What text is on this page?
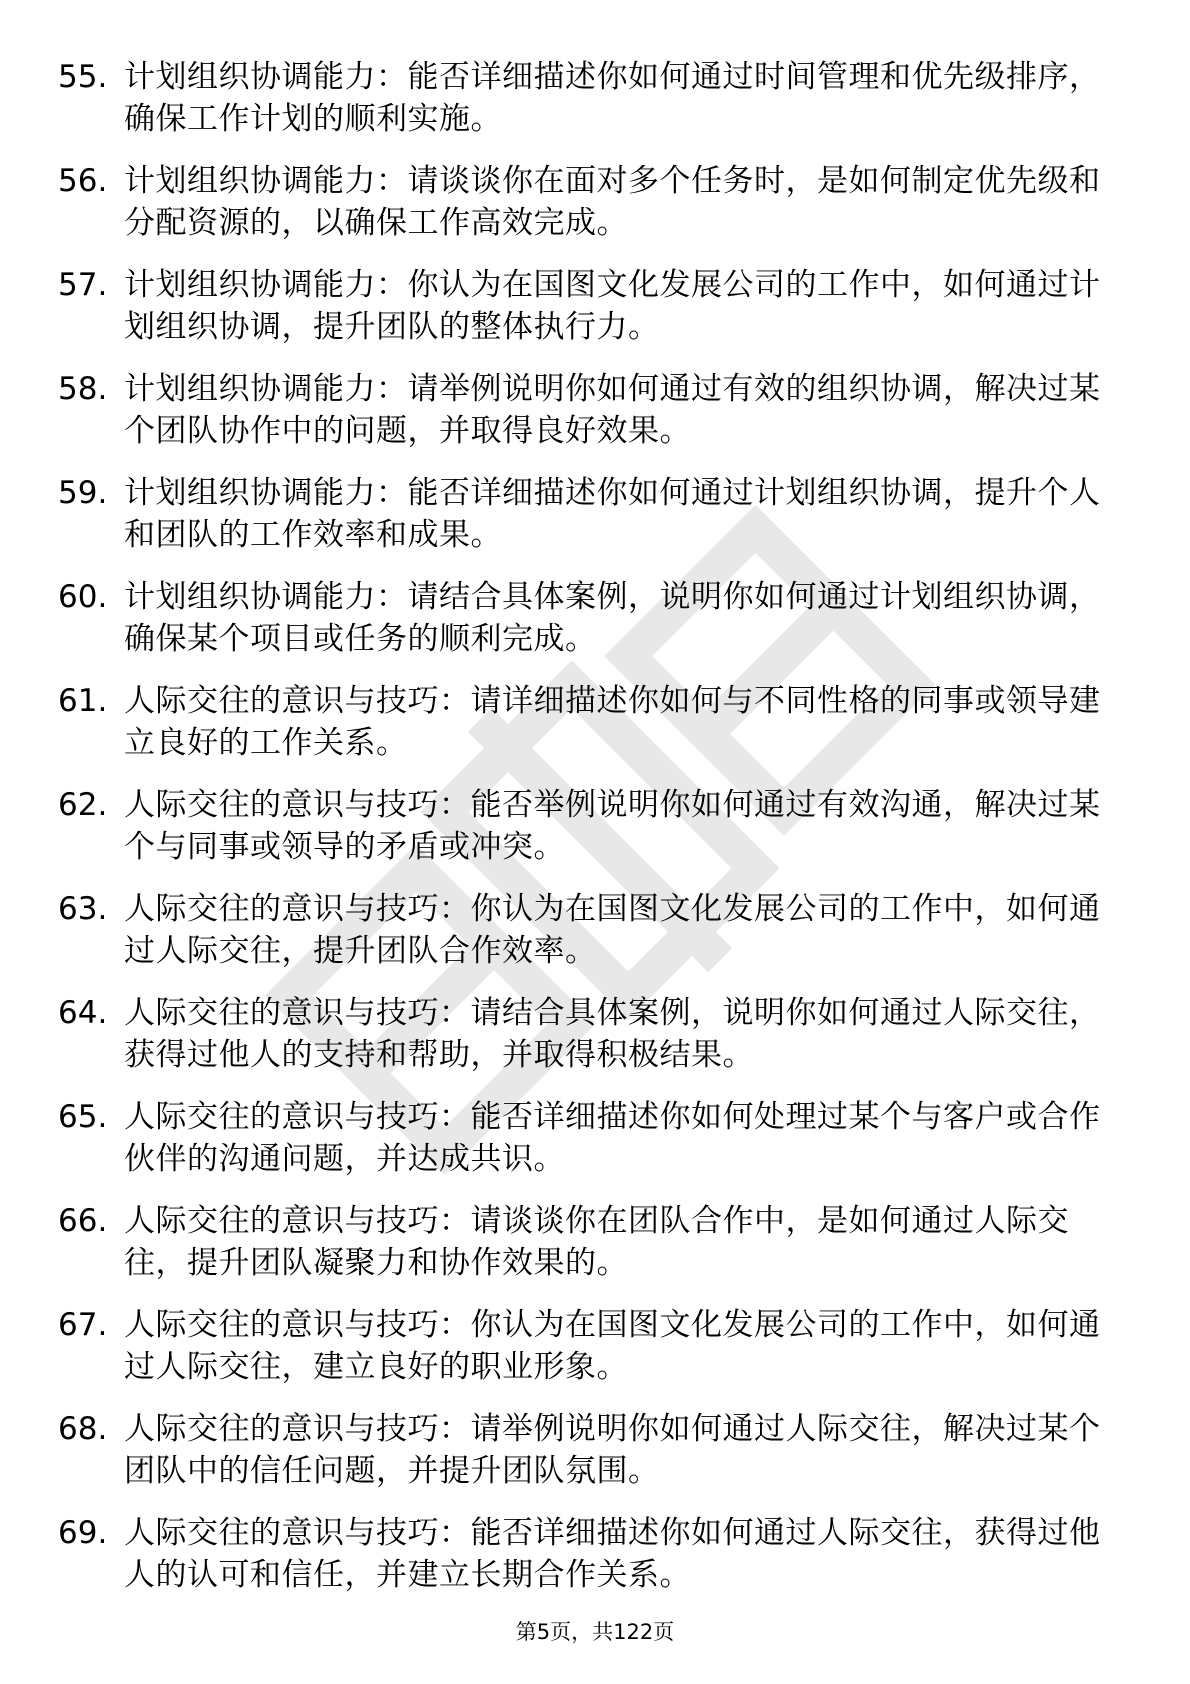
55. 计划组织协调能力：能否详细描述你如何通过时间管理和优先级排序，确保工作计划的顺利实施。
56. 计划组织协调能力：请谈谈你在面对多个任务时，是如何制定优先级和分配资源的，以确保工作高效完成。
57. 计划组织协调能力：你认为在国图文化发展公司的工作中，如何通过计划组织协调，提升团队的整体执行力。
58. 计划组织协调能力：请举例说明你如何通过有效的组织协调，解决过某个团队协作中的问题，并取得良好效果。
59. 计划组织协调能力：能否详细描述你如何通过计划组织协调，提升个人和团队的工作效率和成果。
60. 计划组织协调能力：请结合具体案例，说明你如何通过计划组织协调，确保某个项目或任务的顺利完成。
61. 人际交往的意识与技巧：请详细描述你如何与不同性格的同事或领导建立良好的工作关系。
62. 人际交往的意识与技巧：能否举例说明你如何通过有效沟通，解决过某个与同事或领导的矛盾或冲突。
63. 人际交往的意识与技巧：你认为在国图文化发展公司的工作中，如何通过人际交往，提升团队合作效率。
64. 人际交往的意识与技巧：请结合具体案例，说明你如何通过人际交往，获得过他人的支持和帮助，并取得积极结果。
65. 人际交往的意识与技巧：能否详细描述你如何处理过某个与客户或合作伙伴的沟通问题，并达成共识。
66. 人际交往的意识与技巧：请谈谈你在团队合作中，是如何通过人际交往，提升团队凝聚力和协作效果的。
67. 人际交往的意识与技巧：你认为在国图文化发展公司的工作中，如何通过人际交往，建立良好的职业形象。
68. 人际交往的意识与技巧：请举例说明你如何通过人际交往，解决过某个团队中的信任问题，并提升团队氛围。
69. 人际交往的意识与技巧：能否详细描述你如何通过人际交往，获得过他人的认可和信任，并建立长期合作关系。
第5页，共122页
